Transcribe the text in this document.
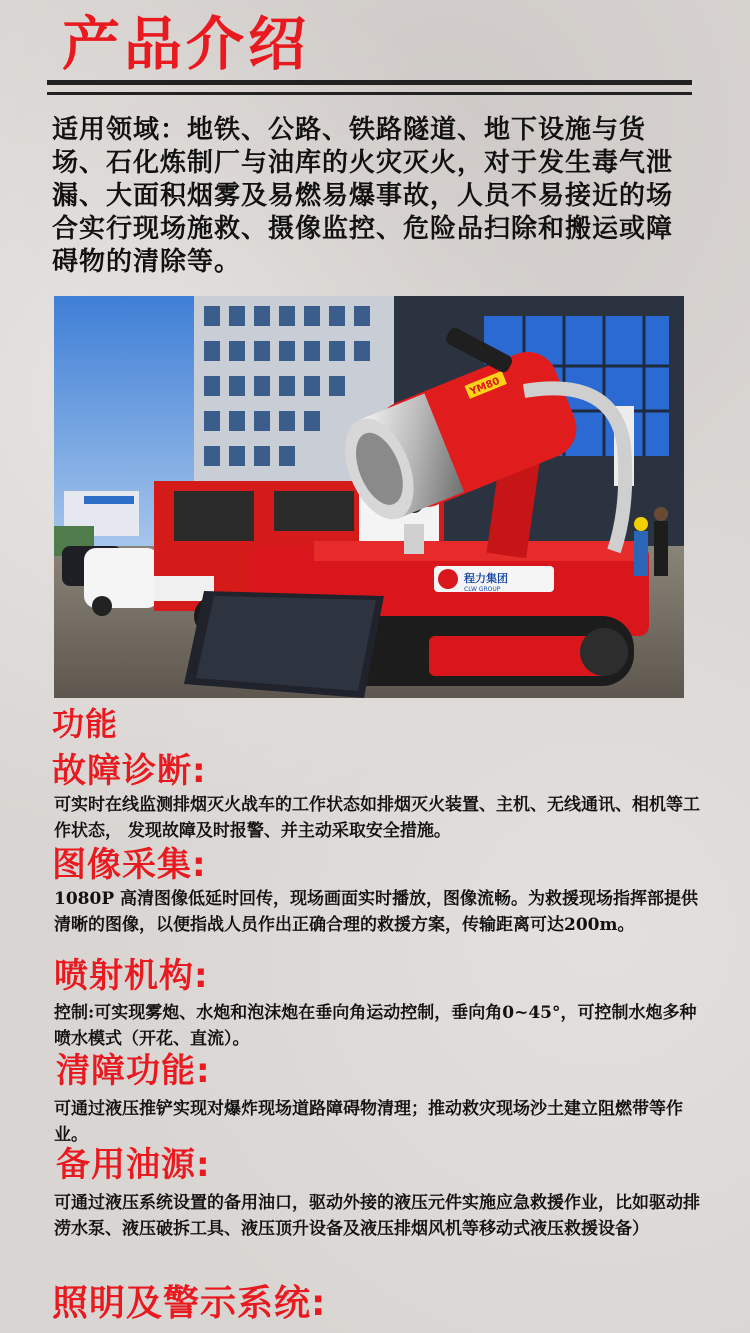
产品介绍
适用领域：地铁、公路、铁路隧道、地下设施与货场、石化炼制厂与油库的火灾灭火，对于发生毒气泄漏、大面积烟雾及易燃易爆事故，人员不易接近的场合实行现场施救、摄像监控、危险品扫除和搬运或障碍物的清除等。
程力集团
CLW GROUP
YM80
功能
故障诊断:
可实时在线监测排烟灭火战车的工作状态如排烟灭火装置、主机、无线通讯、相机等工作状态， 发现故障及时报警、并主动采取安全措施。
图像采集:
1080P 高清图像低延时回传，现场画面实时播放，图像流畅。为救援现场指挥部提供清晰的图像，以便指战人员作出正确合理的救援方案，传输距离可达200m。
喷射机构:
控制:可实现雾炮、水炮和泡沫炮在垂向角运动控制，垂向角0~45°，可控制水炮多种喷水模式（开花、直流）。
清障功能:
可通过液压推铲实现对爆炸现场道路障碍物清理；推动救灾现场沙土建立阻燃带等作业。
备用油源:
可通过液压系统设置的备用油口，驱动外接的液压元件实施应急救援作业，比如驱动排涝水泵、液压破拆工具、液压顶升设备及液压排烟风机等移动式液压救援设备）
照明及警示系统:
